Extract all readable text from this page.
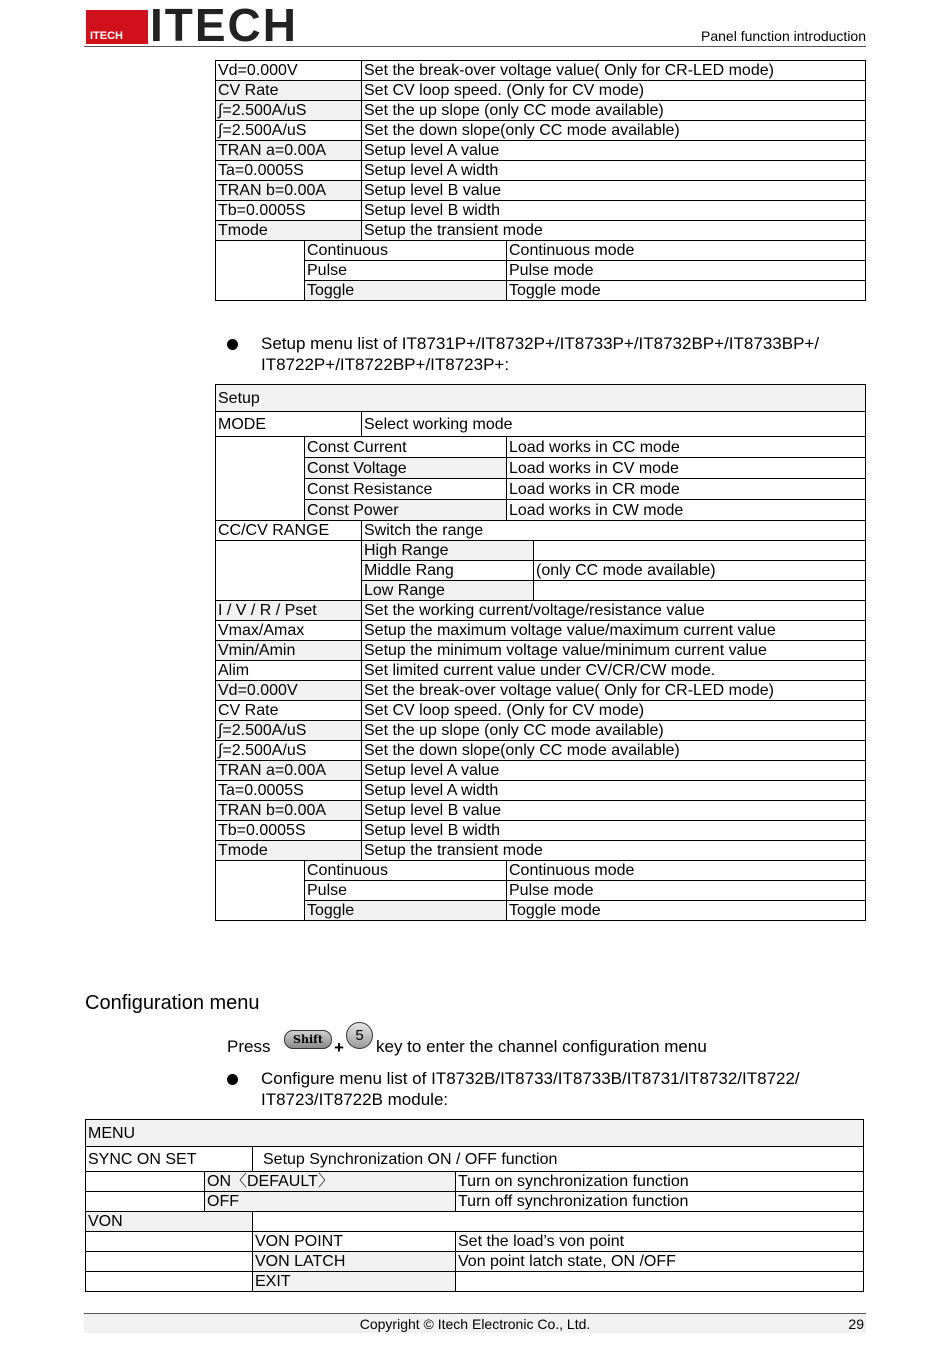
ITECH ITECH	Panel function introduction
Vd=0.000V		Set the break-over voltage value( Only for CR-LED mode)	
CV Rate		Set CV loop speed. (Only for CV mode)	
∫=2.500A/uS		Set the up slope (only CC mode available)	
∫=2.500A/uS		Set the down slope(only CC mode available)	
TRAN a=0.00A		Setup level A value	
Ta=0.0005S		Setup level A width	
TRAN b=0.00A		Setup level B value	
Tb=0.0005S		Setup level B width	
Tmode		Setup the transient mode	
	Continuous		Continuous mode
	Pulse		Pulse mode
	Toggle		Toggle mode
Setup menu list of IT8731P+/IT8732P+/IT8733P+/IT8732BP+/IT8733BP+/
IT8722P+/IT8722BP+/IT8723P+:
Setup				
MODE		Select working mode		
	Const Current		Load works in CC mode	
	Const Voltage		Load works in CV mode	
	Const Resistance		Load works in CR mode	
	Const Power		Load works in CW mode	
CC/CV RANGE		Switch the range		
		High Range		
		Middle Rang		(only CC mode available)
		Low Range		
I / V / R / Pset		Set the working current/voltage/resistance value		
Vmax/Amax		Setup the maximum voltage value/maximum current value		
Vmin/Amin		Setup the minimum voltage value/minimum current value		
Alim		Set limited current value under CV/CR/CW mode.		
Vd=0.000V		Set the break-over voltage value( Only for CR-LED mode)		
CV Rate		Set CV loop speed. (Only for CV mode)		
∫=2.500A/uS		Set the up slope (only CC mode available)		
∫=2.500A/uS		Set the down slope(only CC mode available)		
TRAN a=0.00A		Setup level A value		
Ta=0.0005S		Setup level A width		
TRAN b=0.00A		Setup level B value		
Tb=0.0005S		Setup level B width		
Tmode		Setup the transient mode		
	Continuous		Continuous mode	
	Pulse		Pulse mode	
	Toggle		Toggle mode	
Configuration menu
Press	Shift +
5
key to enter the channel configuration menu
Configure menu list of IT8732B/IT8733/IT8733B/IT8731/IT8732/IT8722/
IT8723/IT8722B module:
MENU			
SYNC ON SET		Setup Synchronization ON / OFF function	
	ON〈DEFAULT〉		Turn on synchronization function
	OFF		Turn off synchronization function
VON			
		VON POINT	Set the load’s von point
		VON LATCH	Von point latch state, ON /OFF
		EXIT	
Copyright © Itech Electronic Co., Ltd.	29
